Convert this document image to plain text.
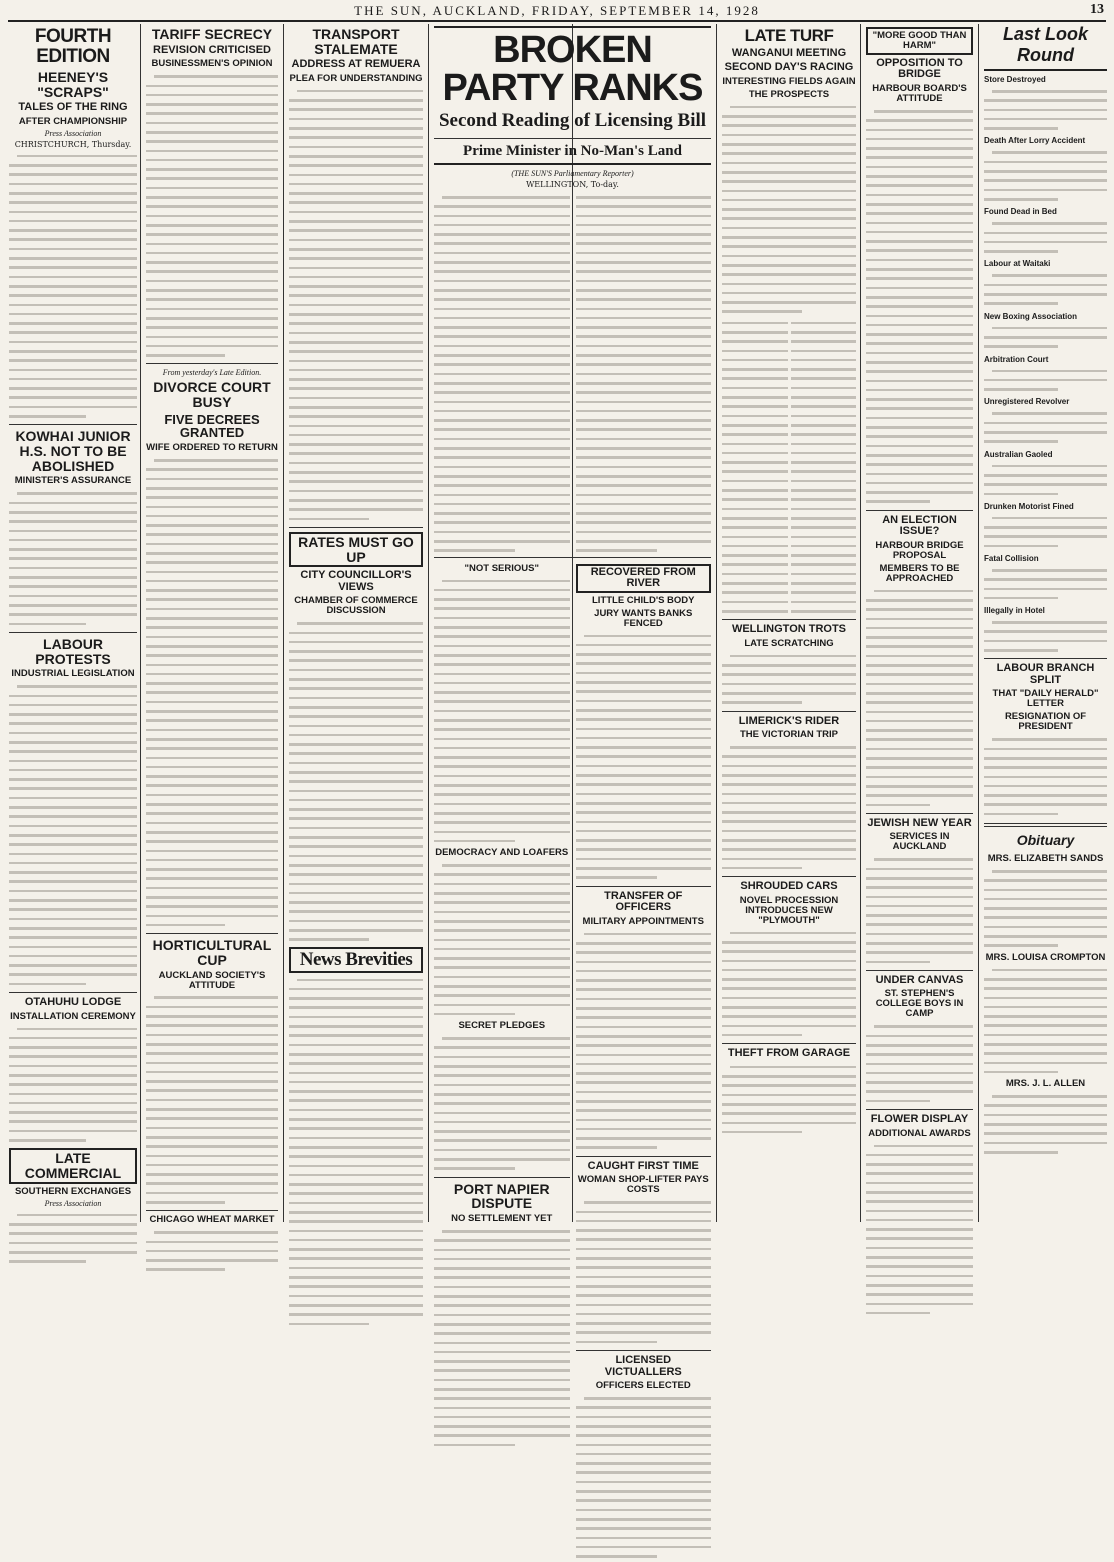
THE SUN, AUCKLAND, FRIDAY, SEPTEMBER 14, 1928	13
FOURTH EDITION
HEENEY'S "SCRAPS"
TALES OF THE RING
AFTER CHAMPIONSHIP
Press Association
CHRISTCHURCH, Thursday.
KOWHAI JUNIOR H.S. NOT TO BE ABOLISHED
MINISTER'S ASSURANCE
LABOUR PROTESTS
INDUSTRIAL LEGISLATION
OTAHUHU LODGE
INSTALLATION CEREMONY
LATE COMMERCIAL
SOUTHERN EXCHANGES
Press Association
TARIFF SECRECY
REVISION CRITICISED
BUSINESSMEN'S OPINION
From yesterday's Late Edition.
DIVORCE COURT BUSY
FIVE DECREES GRANTED
WIFE ORDERED TO RETURN
HORTICULTURAL CUP
AUCKLAND SOCIETY'S ATTITUDE
CHICAGO WHEAT MARKET
TRANSPORT STALEMATE
ADDRESS AT REMUERA
PLEA FOR UNDERSTANDING
RATES MUST GO UP
CITY COUNCILLOR'S VIEWS
CHAMBER OF COMMERCE DISCUSSION
News Brevities
BROKEN PARTY RANKS
Second Reading of Licensing Bill
Prime Minister in No-Man's Land
(THE SUN'S Parliamentary Reporter)
WELLINGTON, To-day.
"NOT SERIOUS"
DEMOCRACY AND LOAFERS
SECRET PLEDGES
PORT NAPIER DISPUTE
NO SETTLEMENT YET
RECOVERED FROM RIVER
LITTLE CHILD'S BODY
JURY WANTS BANKS FENCED
TRANSFER OF OFFICERS
MILITARY APPOINTMENTS
CAUGHT FIRST TIME
WOMAN SHOP-LIFTER PAYS COSTS
LICENSED VICTUALLERS
OFFICERS ELECTED
LATE TURF
WANGANUI MEETING
SECOND DAY'S RACING
INTERESTING FIELDS AGAIN
THE PROSPECTS
WELLINGTON TROTS
LATE SCRATCHING
LIMERICK'S RIDER
THE VICTORIAN TRIP
SHROUDED CARS
NOVEL PROCESSION INTRODUCES NEW "PLYMOUTH"
THEFT FROM GARAGE
"MORE GOOD THAN HARM"
OPPOSITION TO BRIDGE
HARBOUR BOARD'S ATTITUDE
AN ELECTION ISSUE?
HARBOUR BRIDGE PROPOSAL
MEMBERS TO BE APPROACHED
JEWISH NEW YEAR
SERVICES IN AUCKLAND
UNDER CANVAS
ST. STEPHEN'S COLLEGE BOYS IN CAMP
FLOWER DISPLAY
ADDITIONAL AWARDS
Last Look Round
Store Destroyed
Death After Lorry Accident
Found Dead in Bed
Labour at Waitaki
New Boxing Association
Arbitration Court
Unregistered Revolver
Australian Gaoled
Drunken Motorist Fined
Fatal Collision
Illegally in Hotel
LABOUR BRANCH SPLIT
THAT "DAILY HERALD" LETTER
RESIGNATION OF PRESIDENT
Obituary
MRS. ELIZABETH SANDS
MRS. LOUISA CROMPTON
MRS. J. L. ALLEN
